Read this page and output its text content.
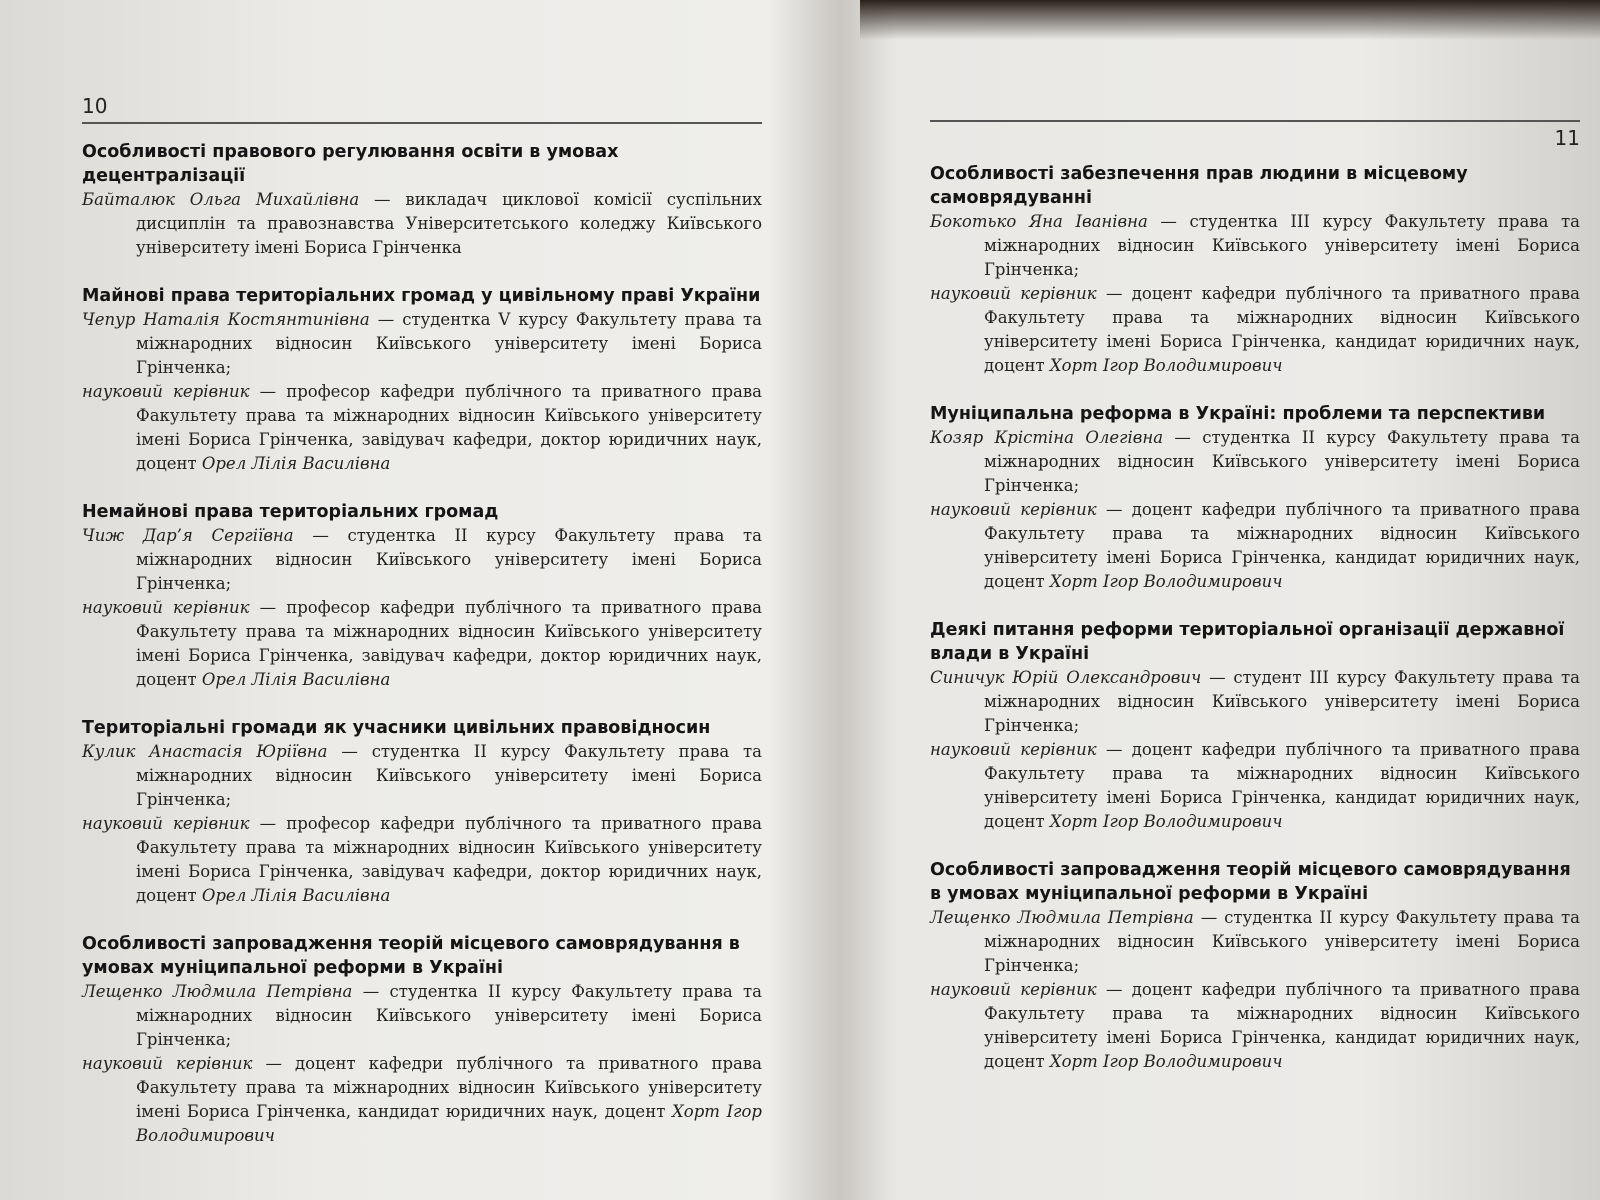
10
Особливості правового регулювання освіти в умовах децентралізації
Байталюк Ольга Михайлівна — викладач циклової комісії суспільних дисциплін та правознавства Університетського коледжу Київського університету імені Бориса Грінченка
Майнові права територіальних громад у цивільному праві України
Чепур Наталія Костянтинівна — студентка V курсу Факультету права та міжнародних відносин Київського університету імені Бориса Грінченка;
науковий керівник — професор кафедри публічного та приватного права Факультету права та міжнародних відносин Київського університету імені Бориса Грінченка, завідувач кафедри, доктор юридичних наук, доцент Орел Лілія Василівна
Немайнові права територіальних громад
Чиж Дар’я Сергіївна — студентка II курсу Факультету права та міжнародних відносин Київського університету імені Бориса Грінченка;
науковий керівник — професор кафедри публічного та приватного права Факультету права та міжнародних відносин Київського університету імені Бориса Грінченка, завідувач кафедри, доктор юридичних наук, доцент Орел Лілія Василівна
Територіальні громади як учасники цивільних правовідносин
Кулик Анастасія Юріївна — студентка II курсу Факультету права та міжнародних відносин Київського університету імені Бориса Грінченка;
науковий керівник — професор кафедри публічного та приватного права Факультету права та міжнародних відносин Київського університету імені Бориса Грінченка, завідувач кафедри, доктор юридичних наук, доцент Орел Лілія Василівна
Особливості запровадження теорій місцевого самоврядування в умовах муніципальної реформи в Україні
Лещенко Людмила Петрівна — студентка II курсу Факультету права та міжнародних відносин Київського університету імені Бориса Грінченка;
науковий керівник — доцент кафедри публічного та приватного права Факультету права та міжнародних відносин Київського університету імені Бориса Грінченка, кандидат юридичних наук, доцент Хорт Ігор Володимирович
11
Особливості забезпечення прав людини в місцевому самоврядуванні
Бокотько Яна Іванівна — студентка III курсу Факультету права та міжнародних відносин Київського університету імені Бориса Грінченка;
науковий керівник — доцент кафедри публічного та приватного права Факультету права та міжнародних відносин Київського університету імені Бориса Грінченка, кандидат юридичних наук, доцент Хорт Ігор Володимирович
Муніципальна реформа в Україні: проблеми та перспективи
Козяр Крістіна Олегівна — студентка II курсу Факультету права та міжнародних відносин Київського університету імені Бориса Грінченка;
науковий керівник — доцент кафедри публічного та приватного права Факультету права та міжнародних відносин Київського університету імені Бориса Грінченка, кандидат юридичних наук, доцент Хорт Ігор Володимирович
Деякі питання реформи територіальної організації державної влади в Україні
Синичук Юрій Олександрович — студент III курсу Факультету права та міжнародних відносин Київського університету імені Бориса Грінченка;
науковий керівник — доцент кафедри публічного та приватного права Факультету права та міжнародних відносин Київського університету імені Бориса Грінченка, кандидат юридичних наук, доцент Хорт Ігор Володимирович
Особливості запровадження теорій місцевого самоврядування в умовах муніципальної реформи в Україні
Лещенко Людмила Петрівна — студентка II курсу Факультету права та міжнародних відносин Київського університету імені Бориса Грінченка;
науковий керівник — доцент кафедри публічного та приватного права Факультету права та міжнародних відносин Київського університету імені Бориса Грінченка, кандидат юридичних наук, доцент Хорт Ігор Володимирович
